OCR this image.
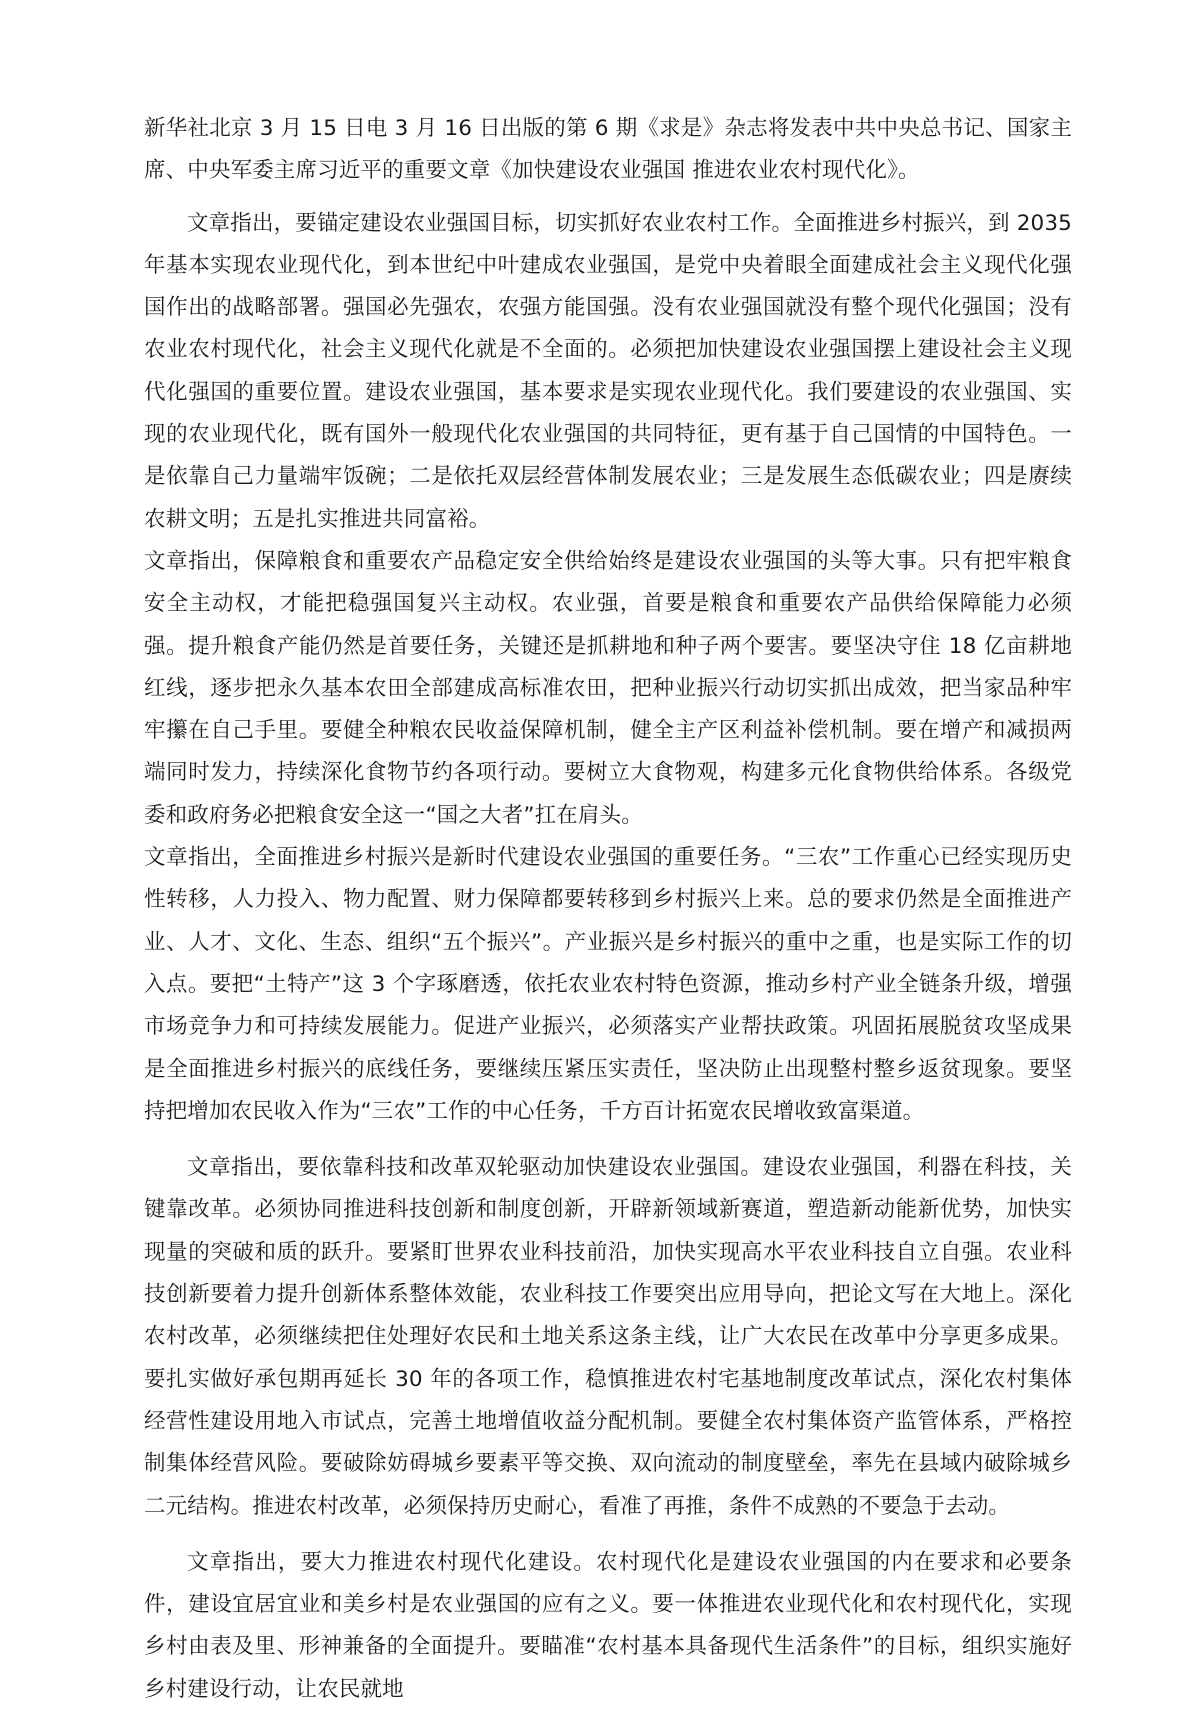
新华社北京 3 月 15 日电 3 月 16 日出版的第 6 期《求是》杂志将发表中共中央总书记、国家主席、中央军委主席习近平的重要文章《加快建设农业强国 推进农业农村现代化》。

文章指出，要锚定建设农业强国目标，切实抓好农业农村工作。全面推进乡村振兴，到 2035 年基本实现农业现代化，到本世纪中叶建成农业强国，是党中央着眼全面建成社会主义现代化强国作出的战略部署。强国必先强农，农强方能国强。没有农业强国就没有整个现代化强国；没有农业农村现代化，社会主义现代化就是不全面的。必须把加快建设农业强国摆上建设社会主义现代化强国的重要位置。建设农业强国，基本要求是实现农业现代化。我们要建设的农业强国、实现的农业现代化，既有国外一般现代化农业强国的共同特征，更有基于自己国情的中国特色。一是依靠自己力量端牢饭碗；二是依托双层经营体制发展农业；三是发展生态低碳农业；四是赓续农耕文明；五是扎实推进共同富裕。

文章指出，保障粮食和重要农产品稳定安全供给始终是建设农业强国的头等大事。只有把牢粮食安全主动权，才能把稳强国复兴主动权。农业强，首要是粮食和重要农产品供给保障能力必须强。提升粮食产能仍然是首要任务，关键还是抓耕地和种子两个要害。要坚决守住 18 亿亩耕地红线，逐步把永久基本农田全部建成高标准农田，把种业振兴行动切实抓出成效，把当家品种牢牢攥在自己手里。要健全种粮农民收益保障机制，健全主产区利益补偿机制。要在增产和减损两端同时发力，持续深化食物节约各项行动。要树立大食物观，构建多元化食物供给体系。各级党委和政府务必把粮食安全这一“国之大者”扛在肩头。

文章指出，全面推进乡村振兴是新时代建设农业强国的重要任务。“三农”工作重心已经实现历史性转移，人力投入、物力配置、财力保障都要转移到乡村振兴上来。总的要求仍然是全面推进产业、人才、文化、生态、组织“五个振兴”。产业振兴是乡村振兴的重中之重，也是实际工作的切入点。要把“土特产”这 3 个字琢磨透，依托农业农村特色资源，推动乡村产业全链条升级，增强市场竞争力和可持续发展能力。促进产业振兴，必须落实产业帮扶政策。巩固拓展脱贫攻坚成果是全面推进乡村振兴的底线任务，要继续压紧压实责任，坚决防止出现整村整乡返贫现象。要坚持把增加农民收入作为“三农”工作的中心任务，千方百计拓宽农民增收致富渠道。

文章指出，要依靠科技和改革双轮驱动加快建设农业强国。建设农业强国，利器在科技，关键靠改革。必须协同推进科技创新和制度创新，开辟新领域新赛道，塑造新动能新优势，加快实现量的突破和质的跃升。要紧盯世界农业科技前沿，加快实现高水平农业科技自立自强。农业科技创新要着力提升创新体系整体效能，农业科技工作要突出应用导向，把论文写在大地上。深化农村改革，必须继续把住处理好农民和土地关系这条主线，让广大农民在改革中分享更多成果。要扎实做好承包期再延长 30 年的各项工作，稳慎推进农村宅基地制度改革试点，深化农村集体经营性建设用地入市试点，完善土地增值收益分配机制。要健全农村集体资产监管体系，严格控制集体经营风险。要破除妨碍城乡要素平等交换、双向流动的制度壁垒，率先在县域内破除城乡二元结构。推进农村改革，必须保持历史耐心，看准了再推，条件不成熟的不要急于去动。

文章指出，要大力推进农村现代化建设。农村现代化是建设农业强国的内在要求和必要条件，建设宜居宜业和美乡村是农业强国的应有之义。要一体推进农业现代化和农村现代化，实现乡村由表及里、形神兼备的全面提升。要瞄准“农村基本具备现代生活条件”的目标，组织实施好乡村建设行动，让农民就地
